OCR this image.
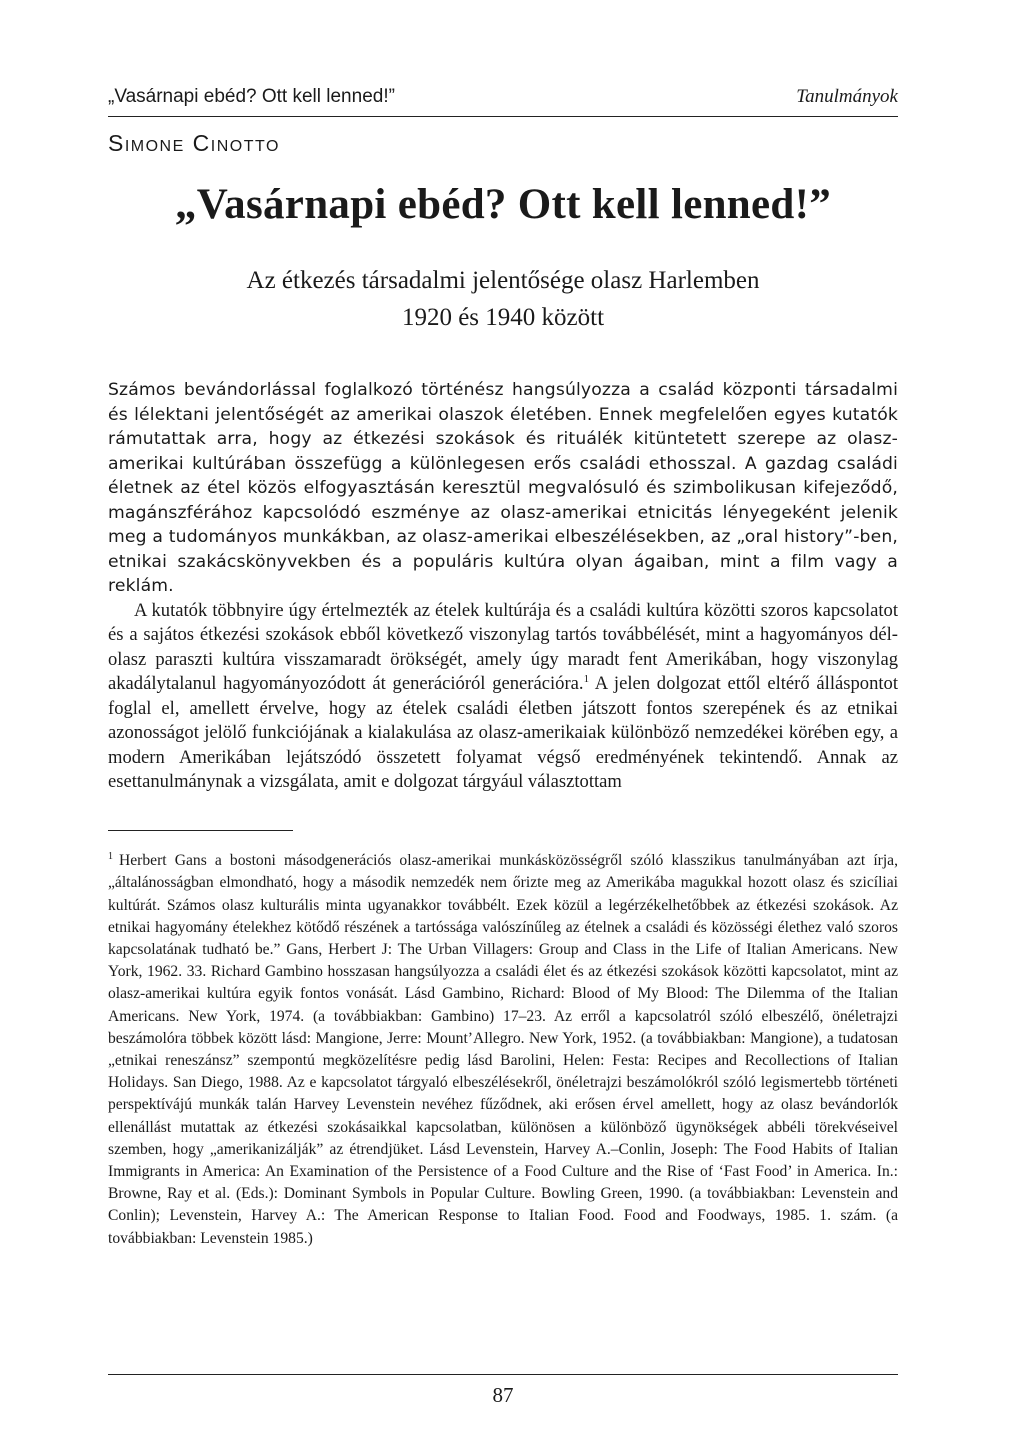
„Vasárnapi ebéd? Ott kell lenned!”	Tanulmányok
Simone Cinotto
„Vasárnapi ebéd? Ott kell lenned!”
Az étkezés társadalmi jelentősége olasz Harlemben
1920 és 1940 között

Számos bevándorlással foglalkozó történész hangsúlyozza a család központi társadalmi és lélektani jelentőségét az amerikai olaszok életében. Ennek megfelelően egyes kutatók rámutattak arra, hogy az étkezési szokások és rituálék kitüntetett szerepe az olasz-amerikai kultúrában összefügg a különlegesen erős családi ethosszal. A gazdag családi életnek az étel közös elfogyasztásán keresztül megvalósuló és szimbolikusan kifejeződő, magánszférához kapcsolódó eszménye az olasz-amerikai etnicitás lényegeként jelenik meg a tudományos munkákban, az olasz-amerikai elbeszélésekben, az „oral history”-ben, etnikai szakácskönyvekben és a populáris kultúra olyan ágaiban, mint a film vagy a reklám.

A kutatók többnyire úgy értelmezték az ételek kultúrája és a családi kultúra közötti szoros kapcsolatot és a sajátos étkezési szokások ebből következő viszonylag tartós továbbélését, mint a hagyományos dél-olasz paraszti kultúra visszamaradt örökségét, amely úgy maradt fent Amerikában, hogy viszonylag akadálytalanul hagyományozódott át generációról generációra.$^1$ A jelen dolgozat ettől eltérő álláspontot foglal el, amellett érvelve, hogy az ételek családi életben játszott fontos szerepének és az etnikai azonosságot jelölő funkciójának a kialakulása az olasz-amerikaiak különböző nemzedékei körében egy, a modern Amerikában lejátszódó összetett folyamat végső eredményének tekintendő. Annak az esettanulmánynak a vizsgálata, amit e dolgozat tárgyául választottam

$^1$ Herbert Gans a bostoni másodgenerációs olasz-amerikai munkásközösségről szóló klasszikus tanulmányában azt írja, „általánosságban elmondható, hogy a második nemzedék nem őrizte meg az Amerikába magukkal hozott olasz és szicíliai kultúrát. Számos olasz kulturális minta ugyanakkor továbbélt. Ezek közül a legérzékelhetőbbek az étkezési szokások. Az etnikai hagyomány ételekhez kötődő részének a tartóssága valószínűleg az ételnek a családi és közösségi élethez való szoros kapcsolatának tudható be.” Gans, Herbert J: The Urban Villagers: Group and Class in the Life of Italian Americans. New York, 1962. 33. Richard Gambino hosszasan hangsúlyozza a családi élet és az étkezési szokások közötti kapcsolatot, mint az olasz-amerikai kultúra egyik fontos vonását. Lásd Gambino, Richard: Blood of My Blood: The Dilemma of the Italian Americans. New York, 1974. (a továbbiakban: Gambino) 17–23. Az erről a kapcsolatról szóló elbeszélő, önéletrajzi beszámolóra többek között lásd: Mangione, Jerre: Mount’Allegro. New York, 1952. (a továbbiakban: Mangione), a tudatosan „etnikai reneszánsz” szempontú megközelítésre pedig lásd Barolini, Helen: Festa: Recipes and Recollections of Italian Holidays. San Diego, 1988. Az e kapcsolatot tárgyaló elbeszélésekről, önéletrajzi beszámolókról szóló legismertebb történeti perspektívájú munkák talán Harvey Levenstein nevéhez fűződnek, aki erősen érvel amellett, hogy az olasz bevándorlók ellenállást mutattak az étkezési szokásaikkal kapcsolatban, különösen a különböző ügynökségek abbéli törekvéseivel szemben, hogy „amerikanizálják” az étrendjüket. Lásd Levenstein, Harvey A.–Conlin, Joseph: The Food Habits of Italian Immigrants in America: An Examination of the Persistence of a Food Culture and the Rise of ‘Fast Food’ in America. In.: Browne, Ray et al. (Eds.): Dominant Symbols in Popular Culture. Bowling Green, 1990. (a továbbiakban: Levenstein and Conlin); Levenstein, Harvey A.: The American Response to Italian Food. Food and Foodways, 1985. 1. szám. (a továbbiakban: Levenstein 1985.)
87
